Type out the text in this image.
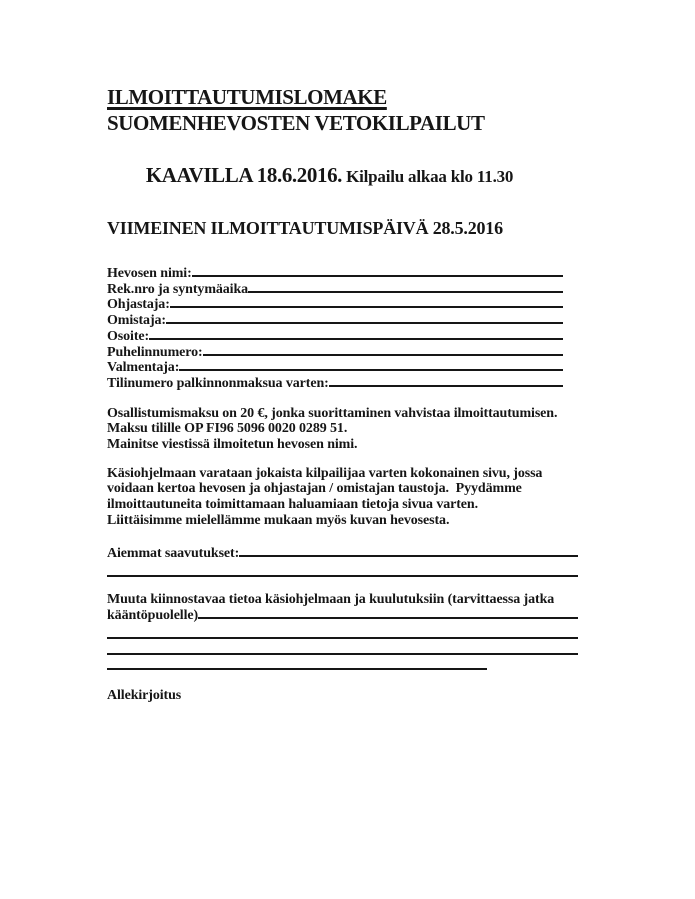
ILMOITTAUTUMISLOMAKE
SUOMENHEVOSTEN VETOKILPAILUT

KAAVILLA 18.6.2016. Kilpailu alkaa klo 11.30

VIIMEINEN ILMOITTAUTUMISPÄIVÄ 28.5.2016
Hevosen nimi:
Rek.nro ja syntymäaika
Ohjastaja:
Omistaja:
Osoite:
Puhelinnumero:
Valmentaja:
Tilinumero palkinnonmaksua varten:
Osallistumismaksu on 20 €, jonka suorittaminen vahvistaa ilmoittautumisen.
Maksu tilille OP FI96 5096 0020 0289 51.
Mainitse viestissä ilmoitetun hevosen nimi.
Käsiohjelmaan varataan jokaista kilpailijaa varten kokonainen sivu, jossa
voidaan kertoa hevosen ja ohjastajan / omistajan taustoja.  Pyydämme
ilmoittautuneita toimittamaan haluamiaan tietoja sivua varten.
Liittäisimme mielellämme mukaan myös kuvan hevosesta.
Aiemmat saavutukset:
Muuta kiinnostavaa tietoa käsiohjelmaan ja kuulutuksiin (tarvittaessa jatka
kääntöpuolelle)
Allekirjoitus
